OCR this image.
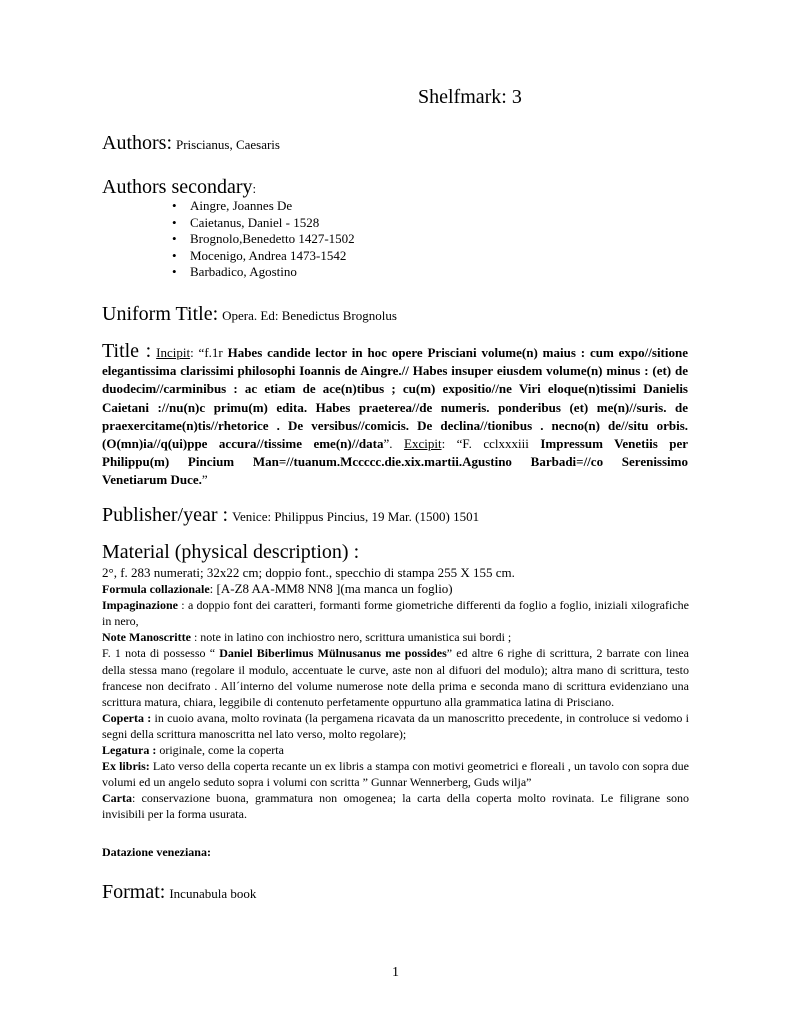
Shelfmark: 3
Authors: Priscianus, Caesaris
Authors secondary:
• Aingre, Joannes De
• Caietanus, Daniel - 1528
• Brognolo,Benedetto 1427-1502
• Mocenigo, Andrea 1473-1542
• Barbadico, Agostino
Uniform Title: Opera. Ed: Benedictus Brognolus
Title : Incipit: “f.1r Habes candide lector in hoc opere Prisciani volume(n) maius : cum expo//sitione elegantissima clarissimi philosophi Ioannis de Aingre.// Habes insuper eiusdem volume(n) minus : (et) de duodecim//carminibus : ac etiam de ace(n)tibus ; cu(m) expositio//ne Viri eloque(n)tissimi Danielis Caietani ://nu(n)c primu(m) edita. Habes praeterea//de numeris. ponderibus (et) me(n)//suris. de praexercitame(n)tis//rhetorice . De versibus//comicis. De declina//tionibus . necno(n) de//situ orbis. (O(mn)ia//q(ui)ppe accura//tissime eme(n)//data”. Excipit: “F. cclxxxiii Impressum Venetiis per Philippu(m) Pincium Man=//tuanum.Mccccc.die.xix.martii.Agustino Barbadi=//co Serenissimo Venetiarum Duce.”
Publisher/year : Venice: Philippus Pincius, 19 Mar. (1500) 1501
Material (physical description) :
2°, f. 283 numerati; 32x22 cm; doppio font., specchio di stampa 255 X 155 cm.
Formula collazionale: [A-Z8 AA-MM8 NN8 ](ma manca un foglio)
Impaginazione : a doppio font dei caratteri, formanti forme giometriche differenti da foglio a foglio, iniziali xilografiche in nero,
Note Manoscritte : note in latino con inchiostro nero, scrittura umanistica sui bordi ;
F. 1 nota di possesso “ Daniel Biberlimus Mülnusanus me possides” ed altre 6 righe di scrittura, 2 barrate con linea della stessa mano (regolare il modulo, accentuate le curve, aste non al difuori del modulo); altra mano di scrittura, testo francese non decifrato . All´interno del volume numerose note della prima e seconda mano di scrittura evidenziano una scrittura matura, chiara, leggibile di contenuto perfetamente oppurtuno alla grammatica latina di Prisciano.
Coperta : in cuoio avana, molto rovinata (la pergamena ricavata da un manoscritto precedente, in controluce si vedomo i segni della scrittura manoscritta nel lato verso, molto regolare);
Legatura : originale, come la coperta
Ex libris: Lato verso della coperta recante un ex libris a stampa con motivi geometrici e floreali , un tavolo con sopra due volumi ed un angelo seduto sopra i volumi con scritta ” Gunnar Wennerberg, Guds wilja”
Carta: conservazione buona, grammatura non omogenea; la carta della coperta molto rovinata. Le filigrane sono invisibili per la forma usurata.
Datazione veneziana:
Format: Incunabula book
1
